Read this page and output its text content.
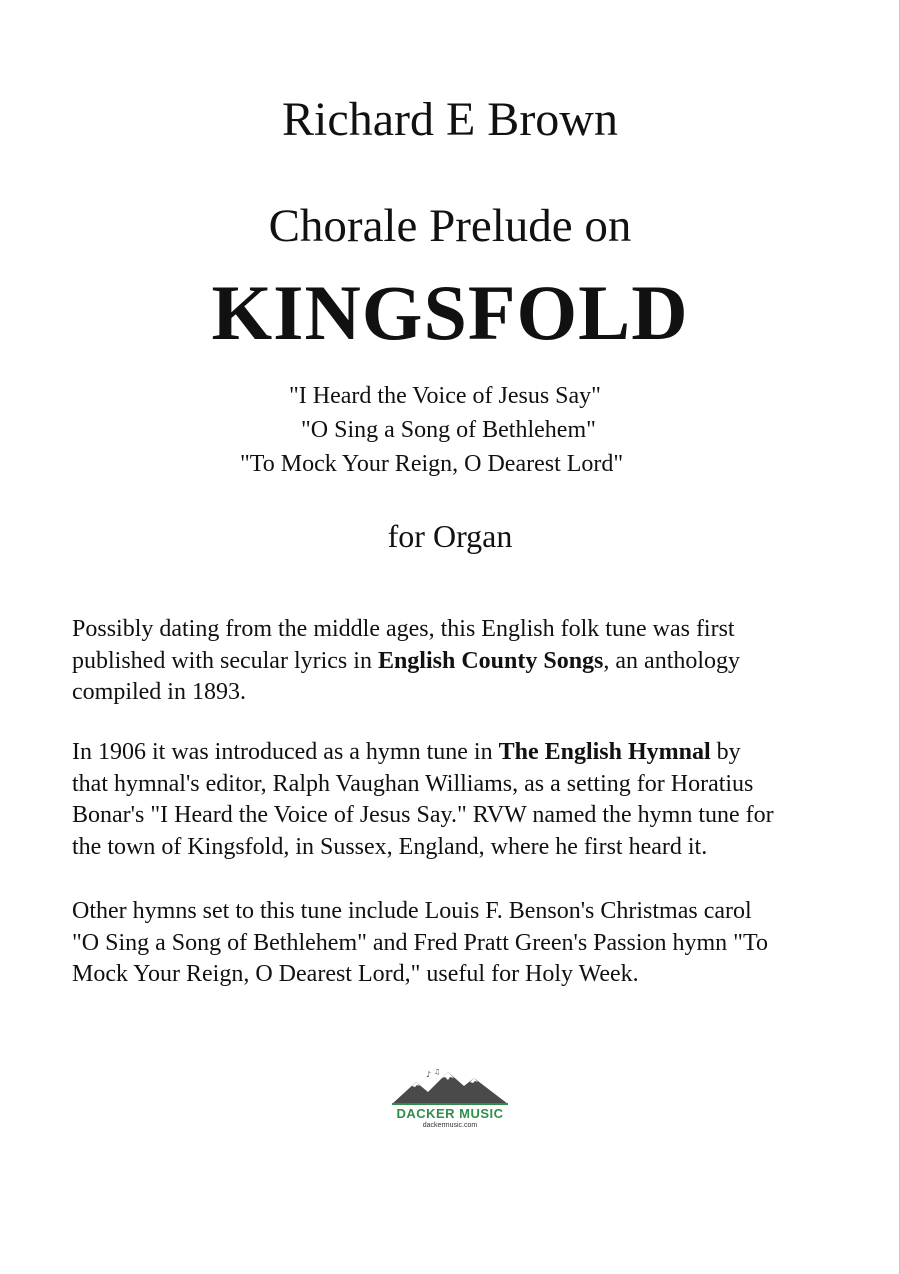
Richard E Brown
Chorale Prelude on
KINGSFOLD
"I Heard the Voice of Jesus Say"
"O Sing a Song of Bethlehem"
"To Mock Your Reign, O Dearest Lord"
for Organ

Possibly dating from the middle ages, this English folk tune was first

published with secular lyrics in English County Songs, an anthology

compiled in 1893.

In 1906 it was introduced as a hymn tune in The English Hymnal by

that hymnal's editor, Ralph Vaughan Williams, as a setting for Horatius

Bonar's "I Heard the Voice of Jesus Say." RVW named the hymn tune for

the town of Kingsfold, in Sussex, England, where he first heard it.

Other hymns set to this tune include Louis F. Benson's Christmas carol

"O Sing a Song of Bethlehem" and Fred Pratt Green's Passion hymn "To

Mock Your Reign, O Dearest Lord," useful for Holy Week.

♪ ♫
DACKER MUSIC
dackermusic.com
